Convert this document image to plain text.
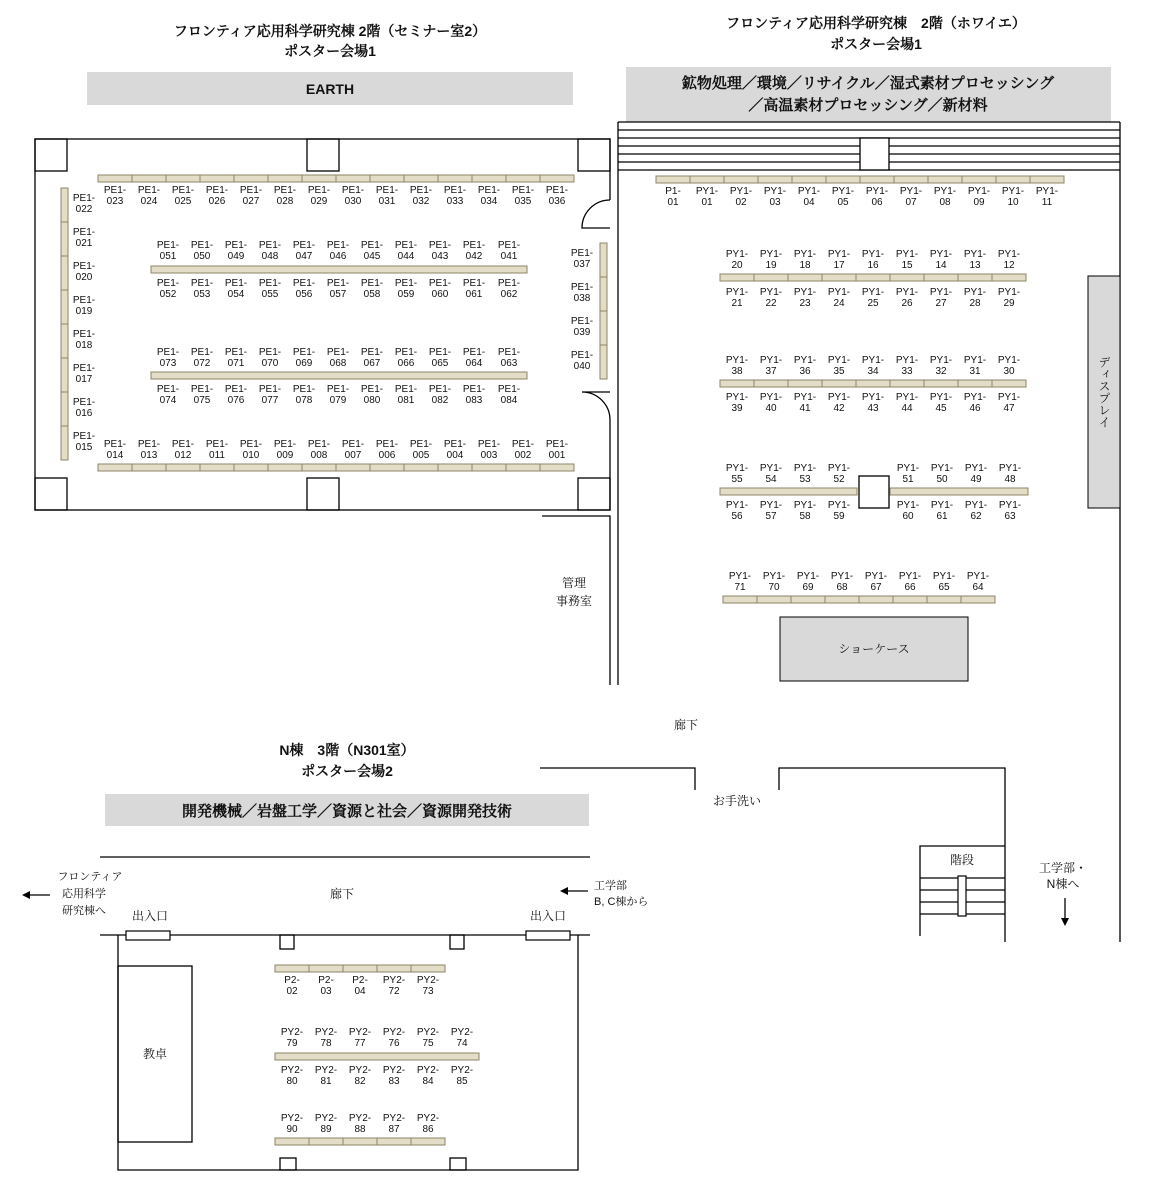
フロンティア応用科学研究棟 2階（セミナー室2）
ポスター会場1
EARTH
フロンティア応用科学研究棟　2階（ホワイエ）
ポスター会場1
鉱物処理／環境／リサイクル／湿式素材プロセッシング
／高温素材プロセッシング／新材料
N棟　3階（N301室）
ポスター会場2
開発機械／岩盤工学／資源と社会／資源開発技術
PE1-023
PE1-024
PE1-025
PE1-026
PE1-027
PE1-028
PE1-029
PE1-030
PE1-031
PE1-032
PE1-033
PE1-034
PE1-035
PE1-036
PE1-022
PE1-021
PE1-020
PE1-019
PE1-018
PE1-017
PE1-016
PE1-015
PE1-037
PE1-038
PE1-039
PE1-040
PE1-051
PE1-050
PE1-049
PE1-048
PE1-047
PE1-046
PE1-045
PE1-044
PE1-043
PE1-042
PE1-041
PE1-052
PE1-053
PE1-054
PE1-055
PE1-056
PE1-057
PE1-058
PE1-059
PE1-060
PE1-061
PE1-062
PE1-073
PE1-072
PE1-071
PE1-070
PE1-069
PE1-068
PE1-067
PE1-066
PE1-065
PE1-064
PE1-063
PE1-074
PE1-075
PE1-076
PE1-077
PE1-078
PE1-079
PE1-080
PE1-081
PE1-082
PE1-083
PE1-084
PE1-014
PE1-013
PE1-012
PE1-011
PE1-010
PE1-009
PE1-008
PE1-007
PE1-006
PE1-005
PE1-004
PE1-003
PE1-002
PE1-001
ディスプレイ
ショーケース
管理
事務室
廊下
お手洗い
階段
工学部・
N棟へ
P1-01
PY1-01
PY1-02
PY1-03
PY1-04
PY1-05
PY1-06
PY1-07
PY1-08
PY1-09
PY1-10
PY1-11
PY1-20
PY1-19
PY1-18
PY1-17
PY1-16
PY1-15
PY1-14
PY1-13
PY1-12
PY1-21
PY1-22
PY1-23
PY1-24
PY1-25
PY1-26
PY1-27
PY1-28
PY1-29
PY1-38
PY1-37
PY1-36
PY1-35
PY1-34
PY1-33
PY1-32
PY1-31
PY1-30
PY1-39
PY1-40
PY1-41
PY1-42
PY1-43
PY1-44
PY1-45
PY1-46
PY1-47
PY1-55
PY1-54
PY1-53
PY1-52
PY1-51
PY1-50
PY1-49
PY1-48
PY1-56
PY1-57
PY1-58
PY1-59
PY1-60
PY1-61
PY1-62
PY1-63
PY1-71
PY1-70
PY1-69
PY1-68
PY1-67
PY1-66
PY1-65
PY1-64
廊下
出入口	出入口
教卓
フロンティア
応用科学
研究棟へ
工学部
B, C棟から
P2-02
P2-03
P2-04
PY2-72
PY2-73
PY2-79
PY2-78
PY2-77
PY2-76
PY2-75
PY2-74
PY2-80
PY2-81
PY2-82
PY2-83
PY2-84
PY2-85
PY2-90
PY2-89
PY2-88
PY2-87
PY2-86
